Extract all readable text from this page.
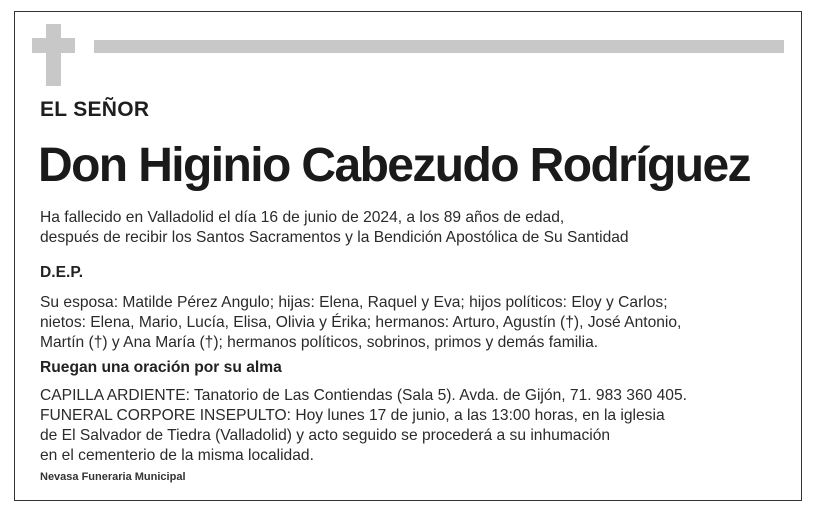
EL SEÑOR
Don Higinio Cabezudo Rodríguez
Ha fallecido en Valladolid el día 16 de junio de 2024, a los 89 años de edad,
después de recibir los Santos Sacramentos y la Bendición Apostólica de Su Santidad
D.E.P.
Su esposa: Matilde Pérez Angulo; hijas: Elena, Raquel y Eva; hijos políticos: Eloy y Carlos;
nietos: Elena, Mario, Lucía, Elisa, Olivia y Érika; hermanos: Arturo, Agustín (†), José Antonio,
Martín (†) y Ana María (†); hermanos políticos, sobrinos, primos y demás familia.
Ruegan una oración por su alma
CAPILLA ARDIENTE: Tanatorio de Las Contiendas (Sala 5). Avda. de Gijón, 71. 983 360 405.
FUNERAL CORPORE INSEPULTO: Hoy lunes 17 de junio, a las 13:00 horas, en la iglesia
de El Salvador de Tiedra (Valladolid) y acto seguido se procederá a su inhumación
en el cementerio de la misma localidad.
Nevasa Funeraria Municipal
